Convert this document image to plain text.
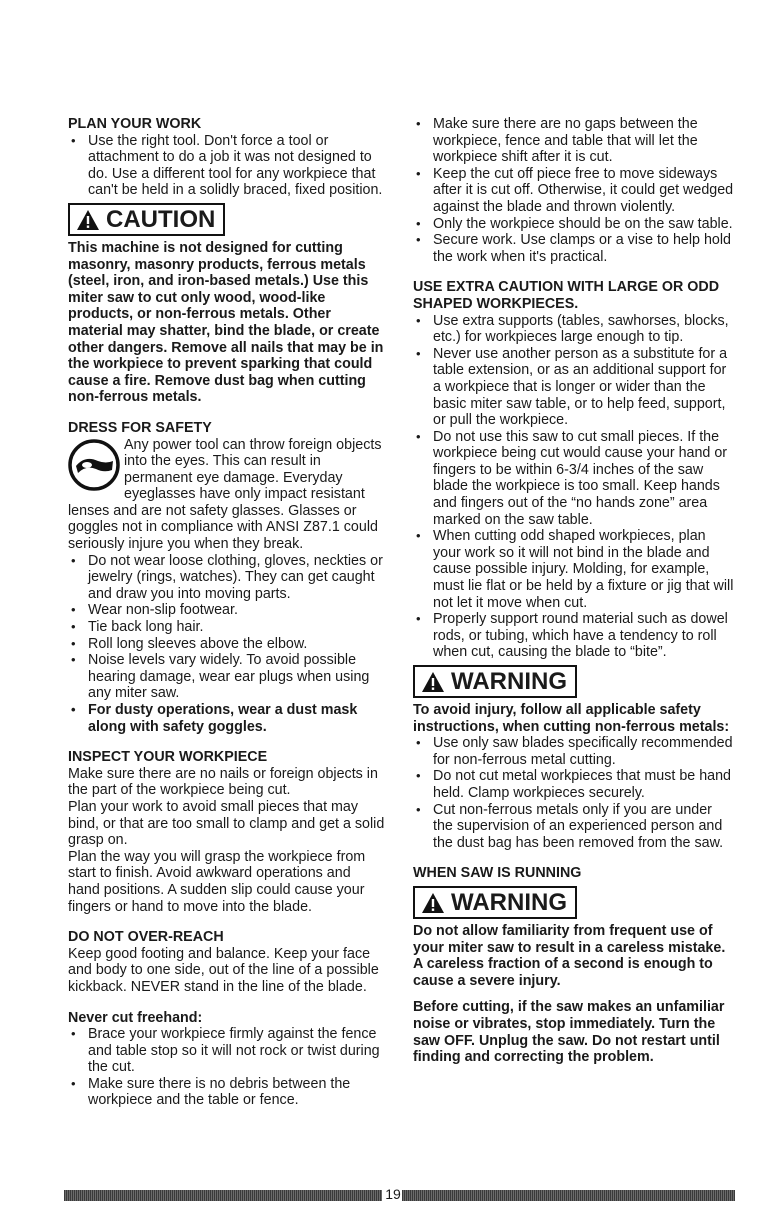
PLAN YOUR WORK
• Use the right tool. Don't force a tool or attachment to do a job it was not designed to do. Use a different tool for any workpiece that can't be held in a solidly braced, fixed position.
CAUTION

This machine is not designed for cutting masonry, masonry products, ferrous metals (steel, iron, and iron-based metals.) Use this miter saw to cut only wood, wood-like products, or non-ferrous metals. Other material may shatter, bind the blade, or create other dangers. Remove all nails that may be in the workpiece to prevent sparking that could cause a fire. Remove dust bag when cutting non-ferrous metals.

DRESS FOR SAFETY

Any power tool can throw foreign objects into the eyes. This can result in permanent eye damage. Everyday eyeglasses have only impact resistant lenses and are not safety glasses. Glasses or goggles not in compliance with ANSI Z87.1 could seriously injure you when they break.

• Do not wear loose clothing, gloves, neckties or jewelry (rings, watches). They can get caught and draw you into moving parts.
• Wear non-slip footwear.
• Tie back long hair.
• Roll long sleeves above the elbow.
• Noise levels vary widely. To avoid possible hearing damage, wear ear plugs when using any miter saw.
• For dusty operations, wear a dust mask along with safety goggles.
INSPECT YOUR WORKPIECE

Make sure there are no nails or foreign objects in the part of the workpiece being cut.

Plan your work to avoid small pieces that may bind, or that are too small to clamp and get a solid grasp on.

Plan the way you will grasp the workpiece from start to finish. Avoid awkward operations and hand positions. A sudden slip could cause your fingers or hand to move into the blade.

DO NOT OVER-REACH

Keep good footing and balance. Keep your face and body to one side, out of the line of a possible kickback. NEVER stand in the line of the blade.

Never cut freehand:
• Brace your workpiece firmly against the fence and table stop so it will not rock or twist during the cut.
• Make sure there is no debris between the workpiece and the table or fence.
• Make sure there are no gaps between the workpiece, fence and table that will let the workpiece shift after it is cut.
• Keep the cut off piece free to move sideways after it is cut off. Otherwise, it could get wedged against the blade and thrown violently.
• Only the workpiece should be on the saw table.
• Secure work. Use clamps or a vise to help hold the work when it's practical.
USE EXTRA CAUTION WITH LARGE OR ODD SHAPED WORKPIECES.
• Use extra supports (tables, sawhorses, blocks, etc.) for workpieces large enough to tip.
• Never use another person as a substitute for a table extension, or as an additional support for a workpiece that is longer or wider than the basic miter saw table, or to help feed, support, or pull the workpiece.
• Do not use this saw to cut small pieces. If the workpiece being cut would cause your hand or fingers to be within 6-3/4 inches of the saw blade the workpiece is too small. Keep hands and fingers out of the “no hands zone” area marked on the saw table.
• When cutting odd shaped workpieces, plan your work so it will not bind in the blade and cause possible injury. Molding, for example, must lie flat or be held by a fixture or jig that will not let it move when cut.
• Properly support round material such as dowel rods, or tubing, which have a tendency to roll when cut, causing the blade to “bite”.
WARNING

To avoid injury, follow all applicable safety instructions, when cutting non-ferrous metals:

• Use only saw blades specifically recommended for non-ferrous metal cutting.
• Do not cut metal workpieces that must be hand held. Clamp workpieces securely.
• Cut non-ferrous metals only if you are under the supervision of an experienced person and the dust bag has been removed from the saw.
WHEN SAW IS RUNNING
WARNING

Do not allow familiarity from frequent use of your miter saw to result in a careless mistake. A careless fraction of a second is enough to cause a severe injury.

Before cutting, if the saw makes an unfamiliar noise or vibrates, stop immediately. Turn the saw OFF. Unplug the saw. Do not restart until finding and correcting the problem.

19
